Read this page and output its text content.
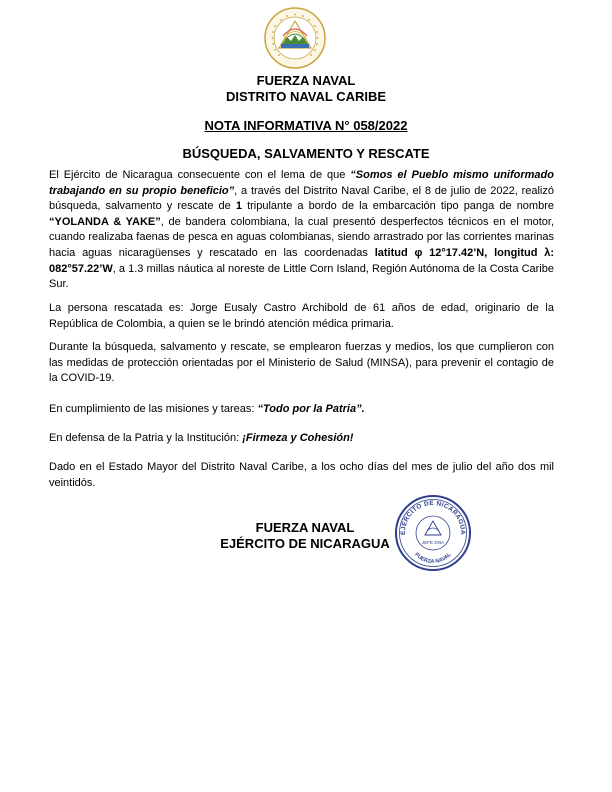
FUERZA NAVAL
DISTRITO NAVAL CARIBE
NOTA INFORMATIVA N° 058/2022
BÚSQUEDA, SALVAMENTO Y RESCATE
El Ejército de Nicaragua consecuente con el lema de que “Somos el Pueblo mismo uniformado trabajando en su propio beneficio”, a través del Distrito Naval Caribe, el 8 de julio de 2022, realizó búsqueda, salvamento y rescate de 1 tripulante a bordo de la embarcación tipo panga de nombre “YOLANDA & YAKE”, de bandera colombiana, la cual presentó desperfectos técnicos en el motor, cuando realizaba faenas de pesca en aguas colombianas, siendo arrastrado por las corrientes marinas hacia aguas nicaragüenses y rescatado en las coordenadas latitud φ 12°17.42’N, longitud λ: 082°57.22’W, a 1.3 millas náutica al noreste de Little Corn Island, Región Autónoma de la Costa Caribe Sur.
La persona rescatada es: Jorge Eusaly Castro Archibold de 61 años de edad, originario de la República de Colombia, a quien se le brindó atención médica primaria.
Durante la búsqueda, salvamento y rescate, se emplearon fuerzas y medios, los que cumplieron con las medidas de protección orientadas por el Ministerio de Salud (MINSA), para prevenir el contagio de la COVID-19.
En cumplimiento de las misiones y tareas: “Todo por la Patria”.
En defensa de la Patria y la Institución: ¡Firmeza y Cohesión!
Dado en el Estado Mayor del Distrito Naval Caribe, a los ocho días del mes de julio del año dos mil veintidós.
FUERZA NAVAL
EJÉRCITO DE NICARAGUA
EJÉRCITO DE NICARAGUA
JEFE DNA
FUERZA NAVAL
